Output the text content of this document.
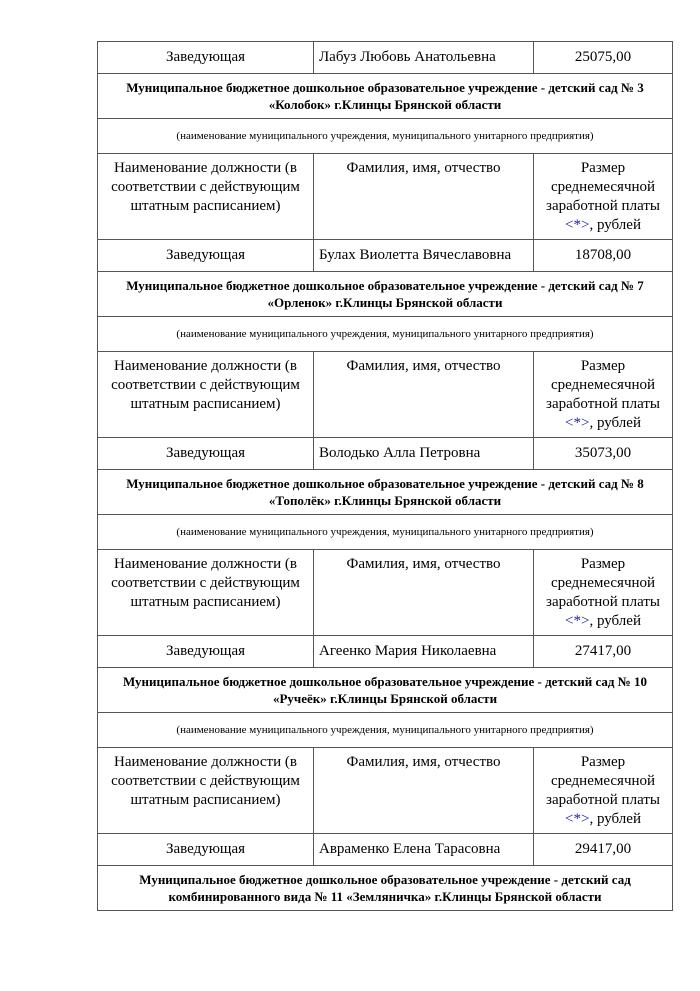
Заведующая	Лабуз Любовь Анатольевна	25075,00
Муниципальное бюджетное дошкольное образовательное учреждение - детский сад № 3 «Колобок» г.Клинцы Брянской области		
(наименование муниципального учреждения, муниципального унитарного предприятия)		
Наименование должности (в соответствии с действующим штатным расписанием)	Фамилия, имя, отчество	Размер среднемесячной заработной платы <*>, рублей
Заведующая	Булах Виолетта Вячеславовна	18708,00
Муниципальное бюджетное дошкольное образовательное учреждение - детский сад № 7 «Орленок» г.Клинцы Брянской области		
(наименование муниципального учреждения, муниципального унитарного предприятия)		
Наименование должности (в соответствии с действующим штатным расписанием)	Фамилия, имя, отчество	Размер среднемесячной заработной платы <*>, рублей
Заведующая	Володько Алла Петровна	35073,00
Муниципальное бюджетное дошкольное образовательное учреждение - детский сад № 8 «Тополёк» г.Клинцы Брянской области		
(наименование муниципального учреждения, муниципального унитарного предприятия)		
Наименование должности (в соответствии с действующим штатным расписанием)	Фамилия, имя, отчество	Размер среднемесячной заработной платы <*>, рублей
Заведующая	Агеенко Мария Николаевна	27417,00
Муниципальное бюджетное дошкольное образовательное учреждение - детский сад № 10 «Ручеёк» г.Клинцы Брянской области		
(наименование муниципального учреждения, муниципального унитарного предприятия)		
Наименование должности (в соответствии с действующим штатным расписанием)	Фамилия, имя, отчество	Размер среднемесячной заработной платы <*>, рублей
Заведующая	Авраменко Елена Тарасовна	29417,00
Муниципальное бюджетное дошкольное образовательное учреждение - детский сад комбинированного вида № 11 «Земляничка» г.Клинцы Брянской области		
